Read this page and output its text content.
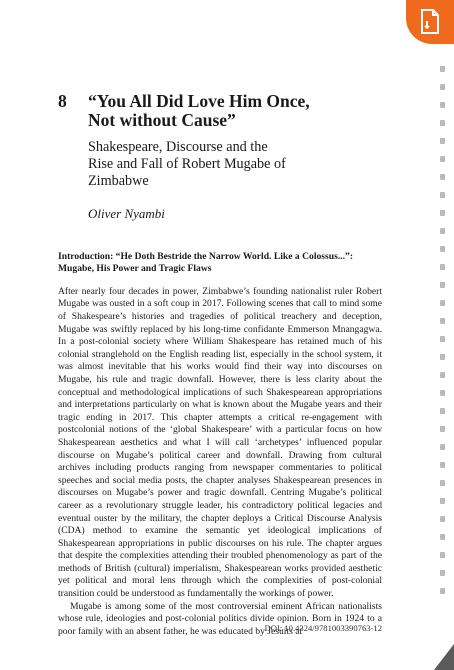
8	“You All Did Love Him Once,
Not without Cause”
Shakespeare, Discourse and the
Rise and Fall of Robert Mugabe of
Zimbabwe
Oliver Nyambi
Introduction: “He Doth Bestride the Narrow World. Like a Colossus...”: Mugabe, His Power and Tragic Flaws

After nearly four decades in power, Zimbabwe’s founding nationalist ruler Robert Mugabe was ousted in a soft coup in 2017. Following scenes that call to mind some of Shakespeare’s histories and tragedies of political treachery and deception, Mugabe was swiftly replaced by his long-time confidante Emmerson Mnangagwa. In a post-colonial society where William Shakespeare has retained much of his colonial stranglehold on the English reading list, especially in the school system, it was almost inevitable that his works would find their way into discourses on Mugabe, his rule and tragic downfall. However, there is less clarity about the conceptual and methodological implications of such Shakespearean appropriations and interpretations particularly on what is known about the Mugabe years and their tragic ending in 2017. This chapter attempts a critical re-engagement with postcolonial notions of the ‘global Shakespeare’ with a particular focus on how Shakespearean aesthetics and what I will call ‘archetypes’ influenced popular discourse on Mugabe’s political career and downfall. Drawing from cultural archives including products ranging from newspaper commentaries to political speeches and social media posts, the chapter analyses Shakespearean presences in discourses on Mugabe’s power and tragic downfall. Centring Mugabe’s political career as a revolutionary struggle leader, his contradictory political legacies and eventual ouster by the military, the chapter deploys a Critical Discourse Analysis (CDA) method to examine the semantic yet ideological implications of Shakespearean appropriations in public discourses on his rule. The chapter argues that despite the complexities attending their troubled phenomenology as part of the methods of British (cultural) imperialism, Shakespearean works provided aesthetic yet political and moral lens through which the complexities of post-colonial transition could be understood as fundamentally the workings of power.

Mugabe is among some of the most controversial eminent African nationalists whose rule, ideologies and post-colonial politics divide opinion. Born in 1924 to a poor family with an absent father, he was educated by Jesuits at

DOI: 10.4324/9781003390763-12
